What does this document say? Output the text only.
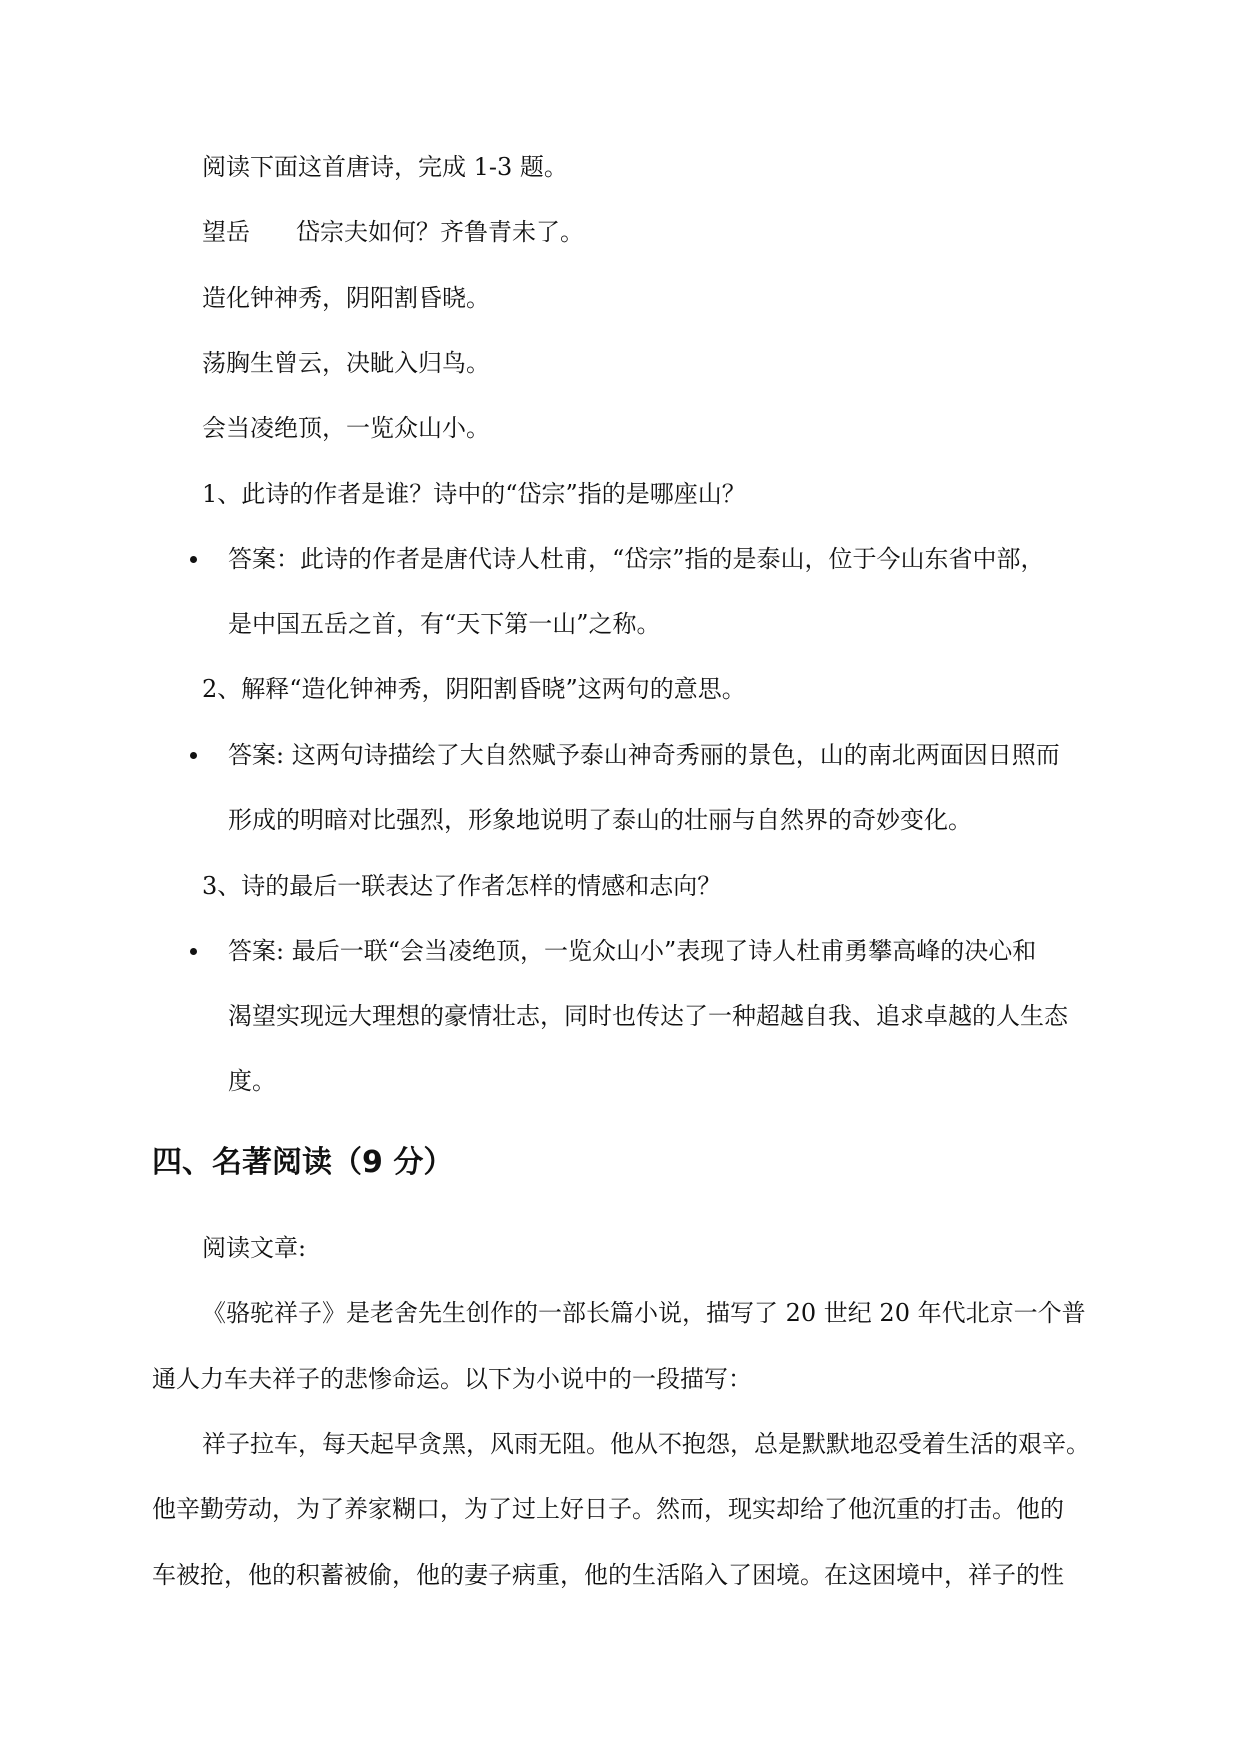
阅读下面这首唐诗，完成 1-3 题。
望岳 岱宗夫如何？齐鲁青未了。
造化钟神秀，阴阳割昏晓。
荡胸生曾云，决眦入归鸟。
会当凌绝顶，一览众山小。
1、此诗的作者是谁？诗中的“岱宗”指的是哪座山？
答案：此诗的作者是唐代诗人杜甫，“岱宗”指的是泰山，位于今山东省中部，
是中国五岳之首，有“天下第一山”之称。
2、解释“造化钟神秀，阴阳割昏晓”这两句的意思。
答案: 这两句诗描绘了大自然赋予泰山神奇秀丽的景色，山的南北两面因日照而
形成的明暗对比强烈，形象地说明了泰山的壮丽与自然界的奇妙变化。
3、诗的最后一联表达了作者怎样的情感和志向？
答案: 最后一联“会当凌绝顶，一览众山小”表现了诗人杜甫勇攀高峰的决心和
渴望实现远大理想的豪情壮志，同时也传达了一种超越自我、追求卓越的人生态
度。
四、名著阅读（9 分）
阅读文章:
《骆驼祥子》是老舍先生创作的一部长篇小说，描写了 20 世纪 20 年代北京一个普
通人力车夫祥子的悲惨命运。以下为小说中的一段描写：
祥子拉车，每天起早贪黑，风雨无阻。他从不抱怨，总是默默地忍受着生活的艰辛。
他辛勤劳动，为了养家糊口，为了过上好日子。然而，现实却给了他沉重的打击。他的
车被抢，他的积蓄被偷，他的妻子病重，他的生活陷入了困境。在这困境中，祥子的性
